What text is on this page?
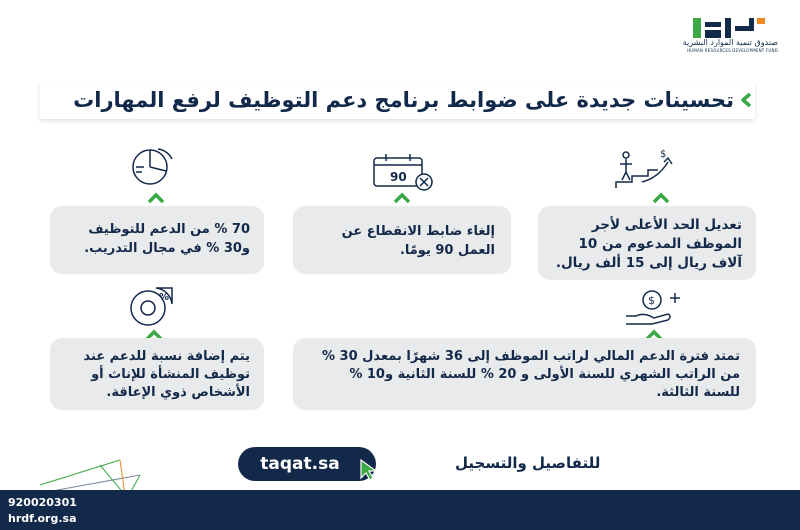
صندوق تنمية الموارد البشرية
HUMAN RESOURCES DEVELOPMENT FUND
تحسينات جديدة على ضوابط برنامج دعم التوظيف لرفع المهارات
$
90
تعديل الحد الأعلى لأجر الموظف المدعوم من 10 آلاف ريال إلى 15 ألف ريال.
إلغاء ضابط الانقطاع عن العمل 90 يومًا.
70 % من الدعم للتوظيف و30 % في مجال التدريب.
$
%
تمتد فترة الدعم المالي لراتب الموظف إلى 36 شهرًا بمعدل 30 % من الراتب الشهري للسنة الأولى و 20 % للسنة الثانية و10 % للسنة الثالثة.
يتم إضافة نسبة للدعم عند توظيف المنشأة للإناث أو الأشخاص ذوي الإعاقة.
taqat.sa	للتفاصيل والتسجيل
920020301
hrdf.org.sa
